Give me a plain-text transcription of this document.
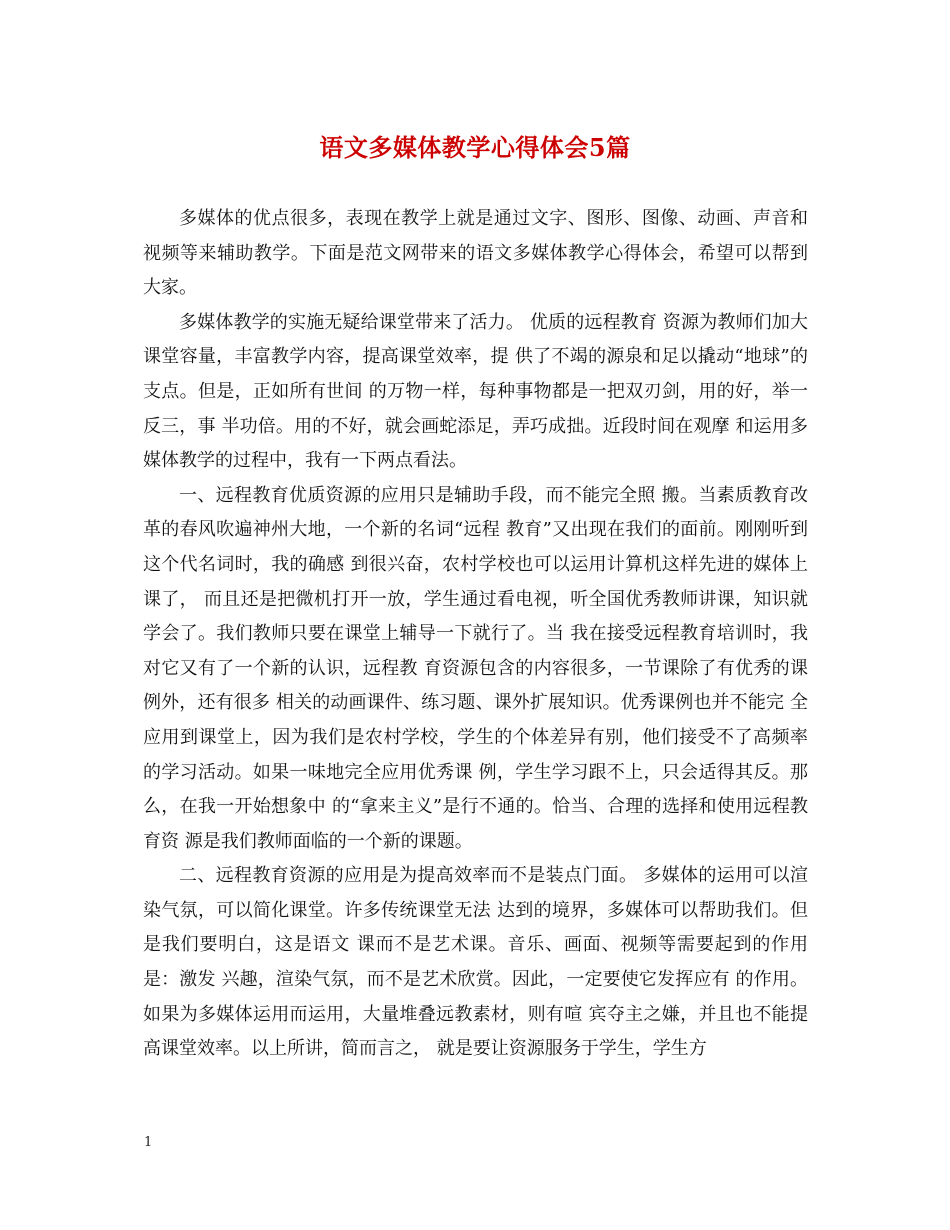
语文多媒体教学心得体会5篇

多媒体的优点很多，表现在教学上就是通过文字、图形、图像、动画、声音和视频等来辅助教学。下面是范文网带来的语文多媒体教学心得体会，希望可以帮到大家。

多媒体教学的实施无疑给课堂带来了活力。 优质的远程教育 资源为教师们加大课堂容量，丰富教学内容，提高课堂效率，提 供了不竭的源泉和足以撬动“地球”的支点。但是，正如所有世间 的万物一样，每种事物都是一把双刃剑，用的好，举一反三，事 半功倍。用的不好，就会画蛇添足，弄巧成拙。近段时间在观摩 和运用多媒体教学的过程中，我有一下两点看法。

一、远程教育优质资源的应用只是辅助手段，而不能完全照 搬。当素质教育改革的春风吹遍神州大地，一个新的名词“远程 教育”又出现在我们的面前。刚刚听到这个代名词时，我的确感 到很兴奋，农村学校也可以运用计算机这样先进的媒体上课了， 而且还是把微机打开一放，学生通过看电视，听全国优秀教师讲课，知识就学会了。我们教师只要在课堂上辅导一下就行了。当 我在接受远程教育培训时，我对它又有了一个新的认识，远程教 育资源包含的内容很多，一节课除了有优秀的课例外，还有很多 相关的动画课件、练习题、课外扩展知识。优秀课例也并不能完 全应用到课堂上，因为我们是农村学校，学生的个体差异有别，他们接受不了高频率的学习活动。如果一味地完全应用优秀课 例，学生学习跟不上，只会适得其反。那么，在我一开始想象中 的“拿来主义”是行不通的。恰当、合理的选择和使用远程教育资 源是我们教师面临的一个新的课题。

二、远程教育资源的应用是为提高效率而不是装点门面。 多媒体的运用可以渲染气氛，可以简化课堂。许多传统课堂无法 达到的境界，多媒体可以帮助我们。但是我们要明白，这是语文 课而不是艺术课。音乐、画面、视频等需要起到的作用是：激发 兴趣，渲染气氛，而不是艺术欣赏。因此，一定要使它发挥应有 的作用。如果为多媒体运用而运用，大量堆叠远教素材，则有喧 宾夺主之嫌，并且也不能提高课堂效率。以上所讲，简而言之， 就是要让资源服务于学生，学生方

1
